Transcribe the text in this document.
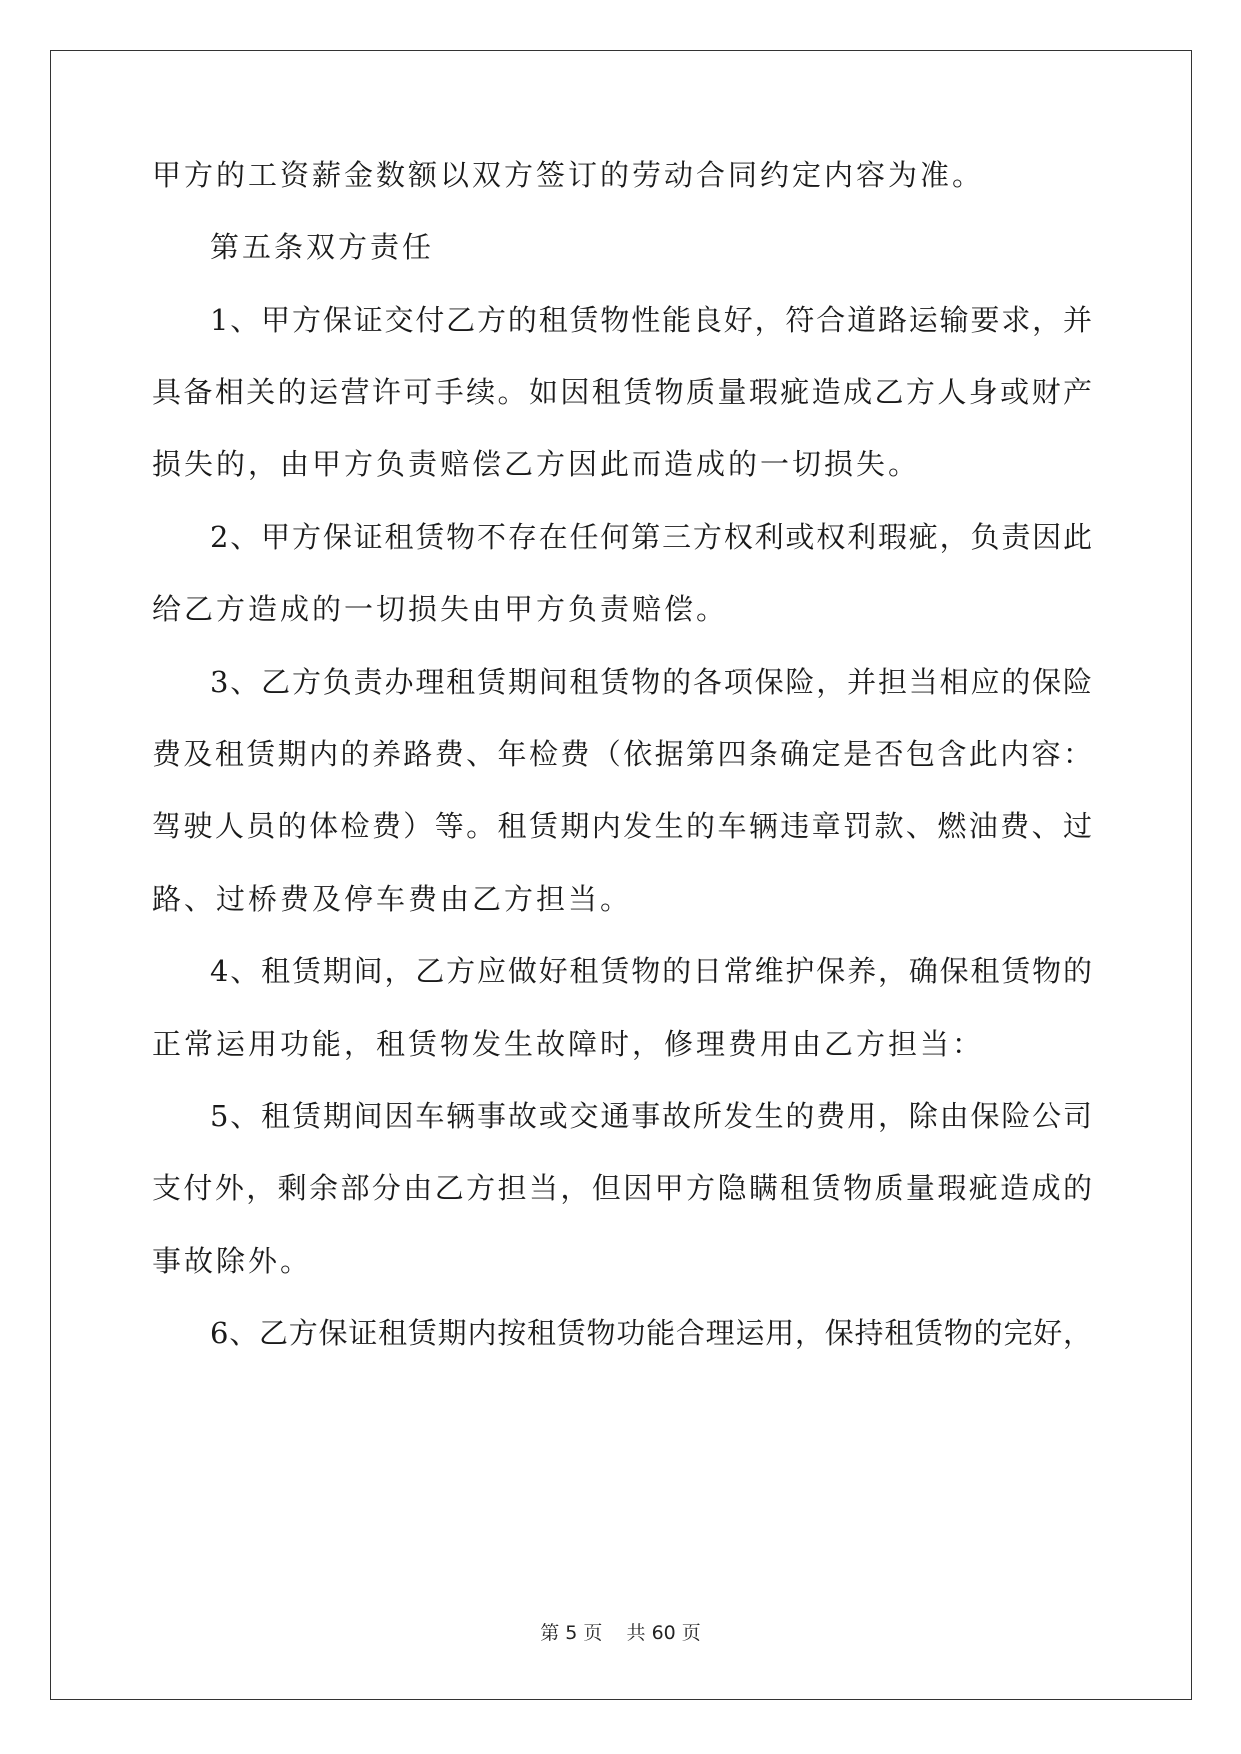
甲方的工资薪金数额以双方签订的劳动合同约定内容为准。
第五条双方责任
1、甲方保证交付乙方的租赁物性能良好，符合道路运输要求，并
具备相关的运营许可手续。如因租赁物质量瑕疵造成乙方人身或财产
损失的，由甲方负责赔偿乙方因此而造成的一切损失。
2、甲方保证租赁物不存在任何第三方权利或权利瑕疵，负责因此
给乙方造成的一切损失由甲方负责赔偿。
3、乙方负责办理租赁期间租赁物的各项保险，并担当相应的保险
费及租赁期内的养路费、年检费（依据第四条确定是否包含此内容：
驾驶人员的体检费）等。租赁期内发生的车辆违章罚款、燃油费、过
路、过桥费及停车费由乙方担当。
4、租赁期间，乙方应做好租赁物的日常维护保养，确保租赁物的
正常运用功能，租赁物发生故障时，修理费用由乙方担当：
5、租赁期间因车辆事故或交通事故所发生的费用，除由保险公司
支付外，剩余部分由乙方担当，但因甲方隐瞒租赁物质量瑕疵造成的
事故除外。
6、乙方保证租赁期内按租赁物功能合理运用，保持租赁物的完好，
第 5 页 共 60 页
